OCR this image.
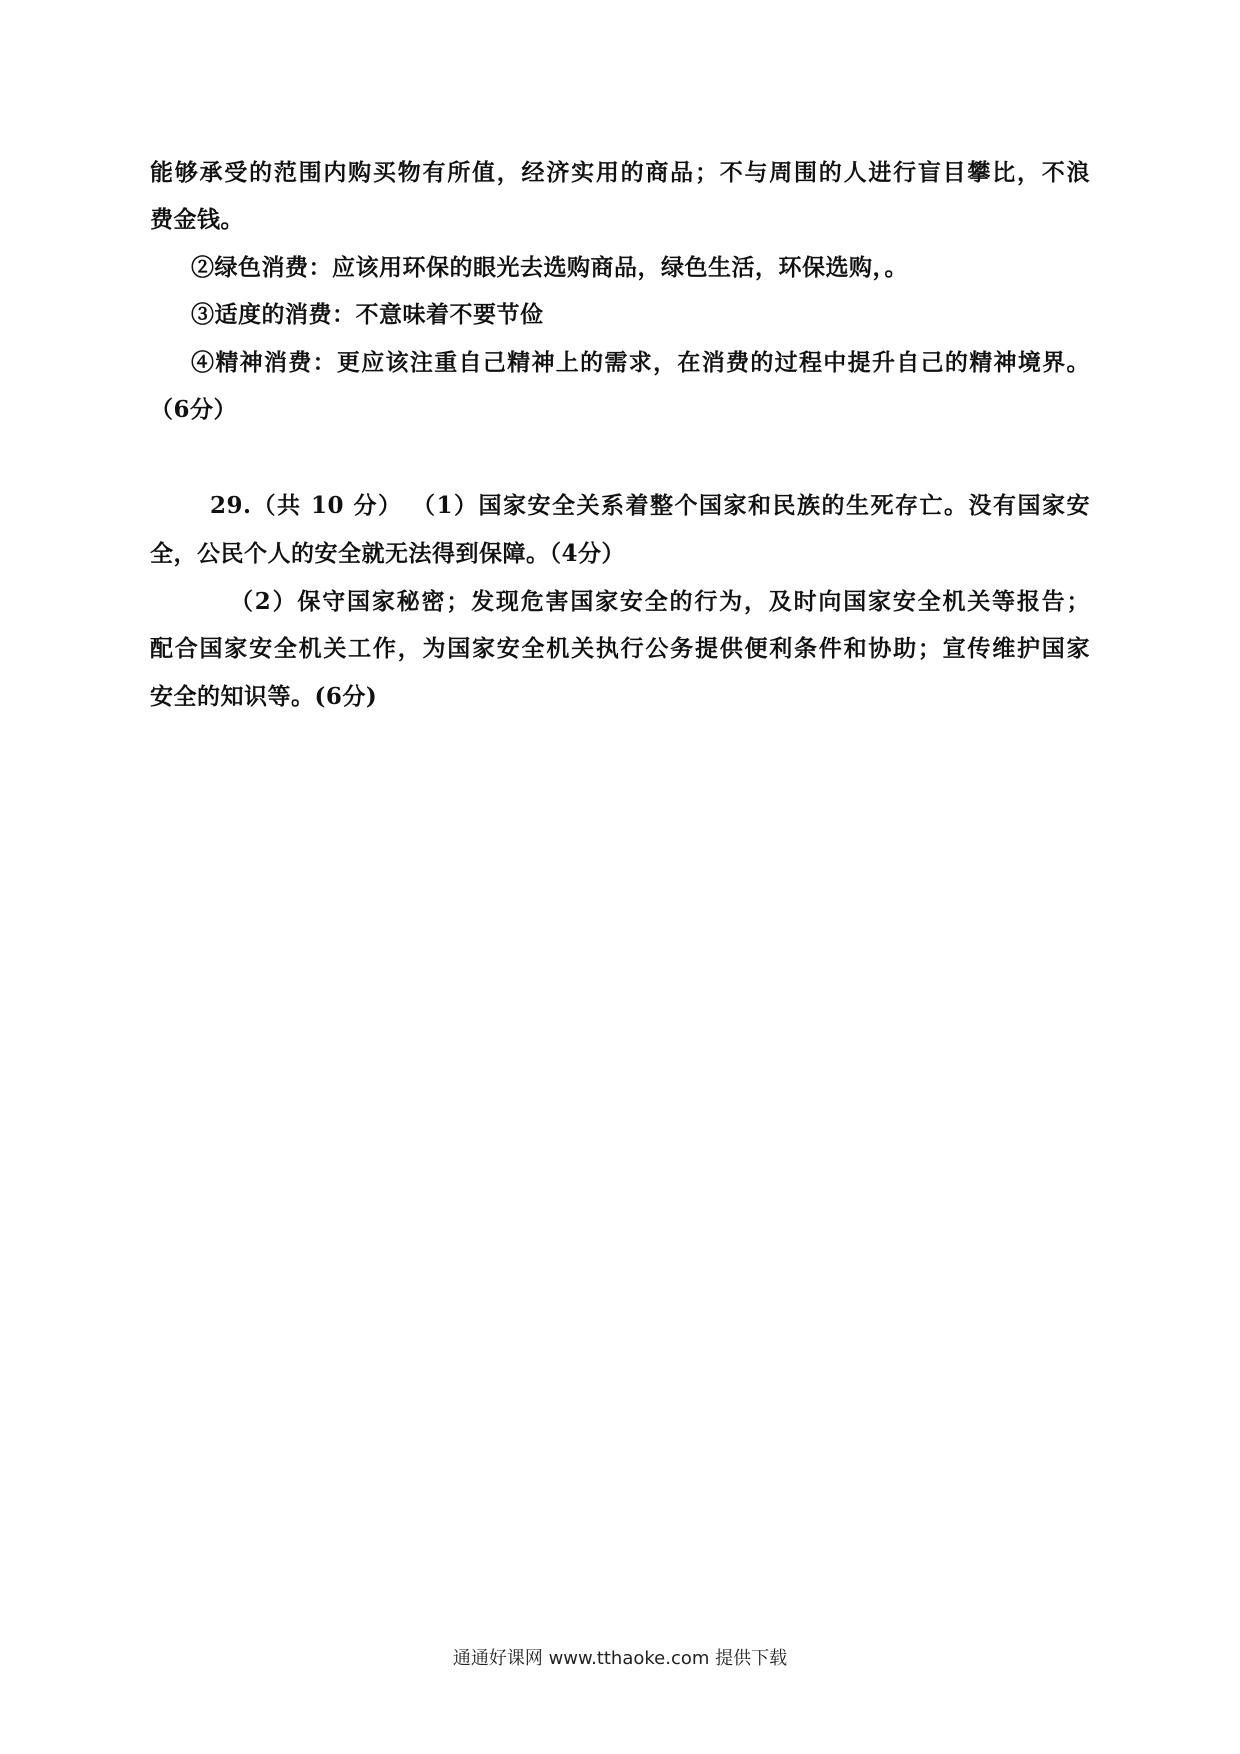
能够承受的范围内购买物有所值，经济实用的商品；不与周围的人进行盲目攀比，不浪
费金钱。
②绿色消费：应该用环保的眼光去选购商品，绿色生活，环保选购，。
③适度的消费：不意味着不要节俭
④精神消费：更应该注重自己精神上的需求，在消费的过程中提升自己的精神境界。
（6分）
29.（共 10 分） （1）国家安全关系着整个国家和民族的生死存亡。没有国家安
全，公民个人的安全就无法得到保障。（4分）
（2）保守国家秘密；发现危害国家安全的行为，及时向国家安全机关等报告；
配合国家安全机关工作，为国家安全机关执行公务提供便利条件和协助；宣传维护国家
安全的知识等。(6分)
通通好课网 www.tthaoke.com 提供下载
